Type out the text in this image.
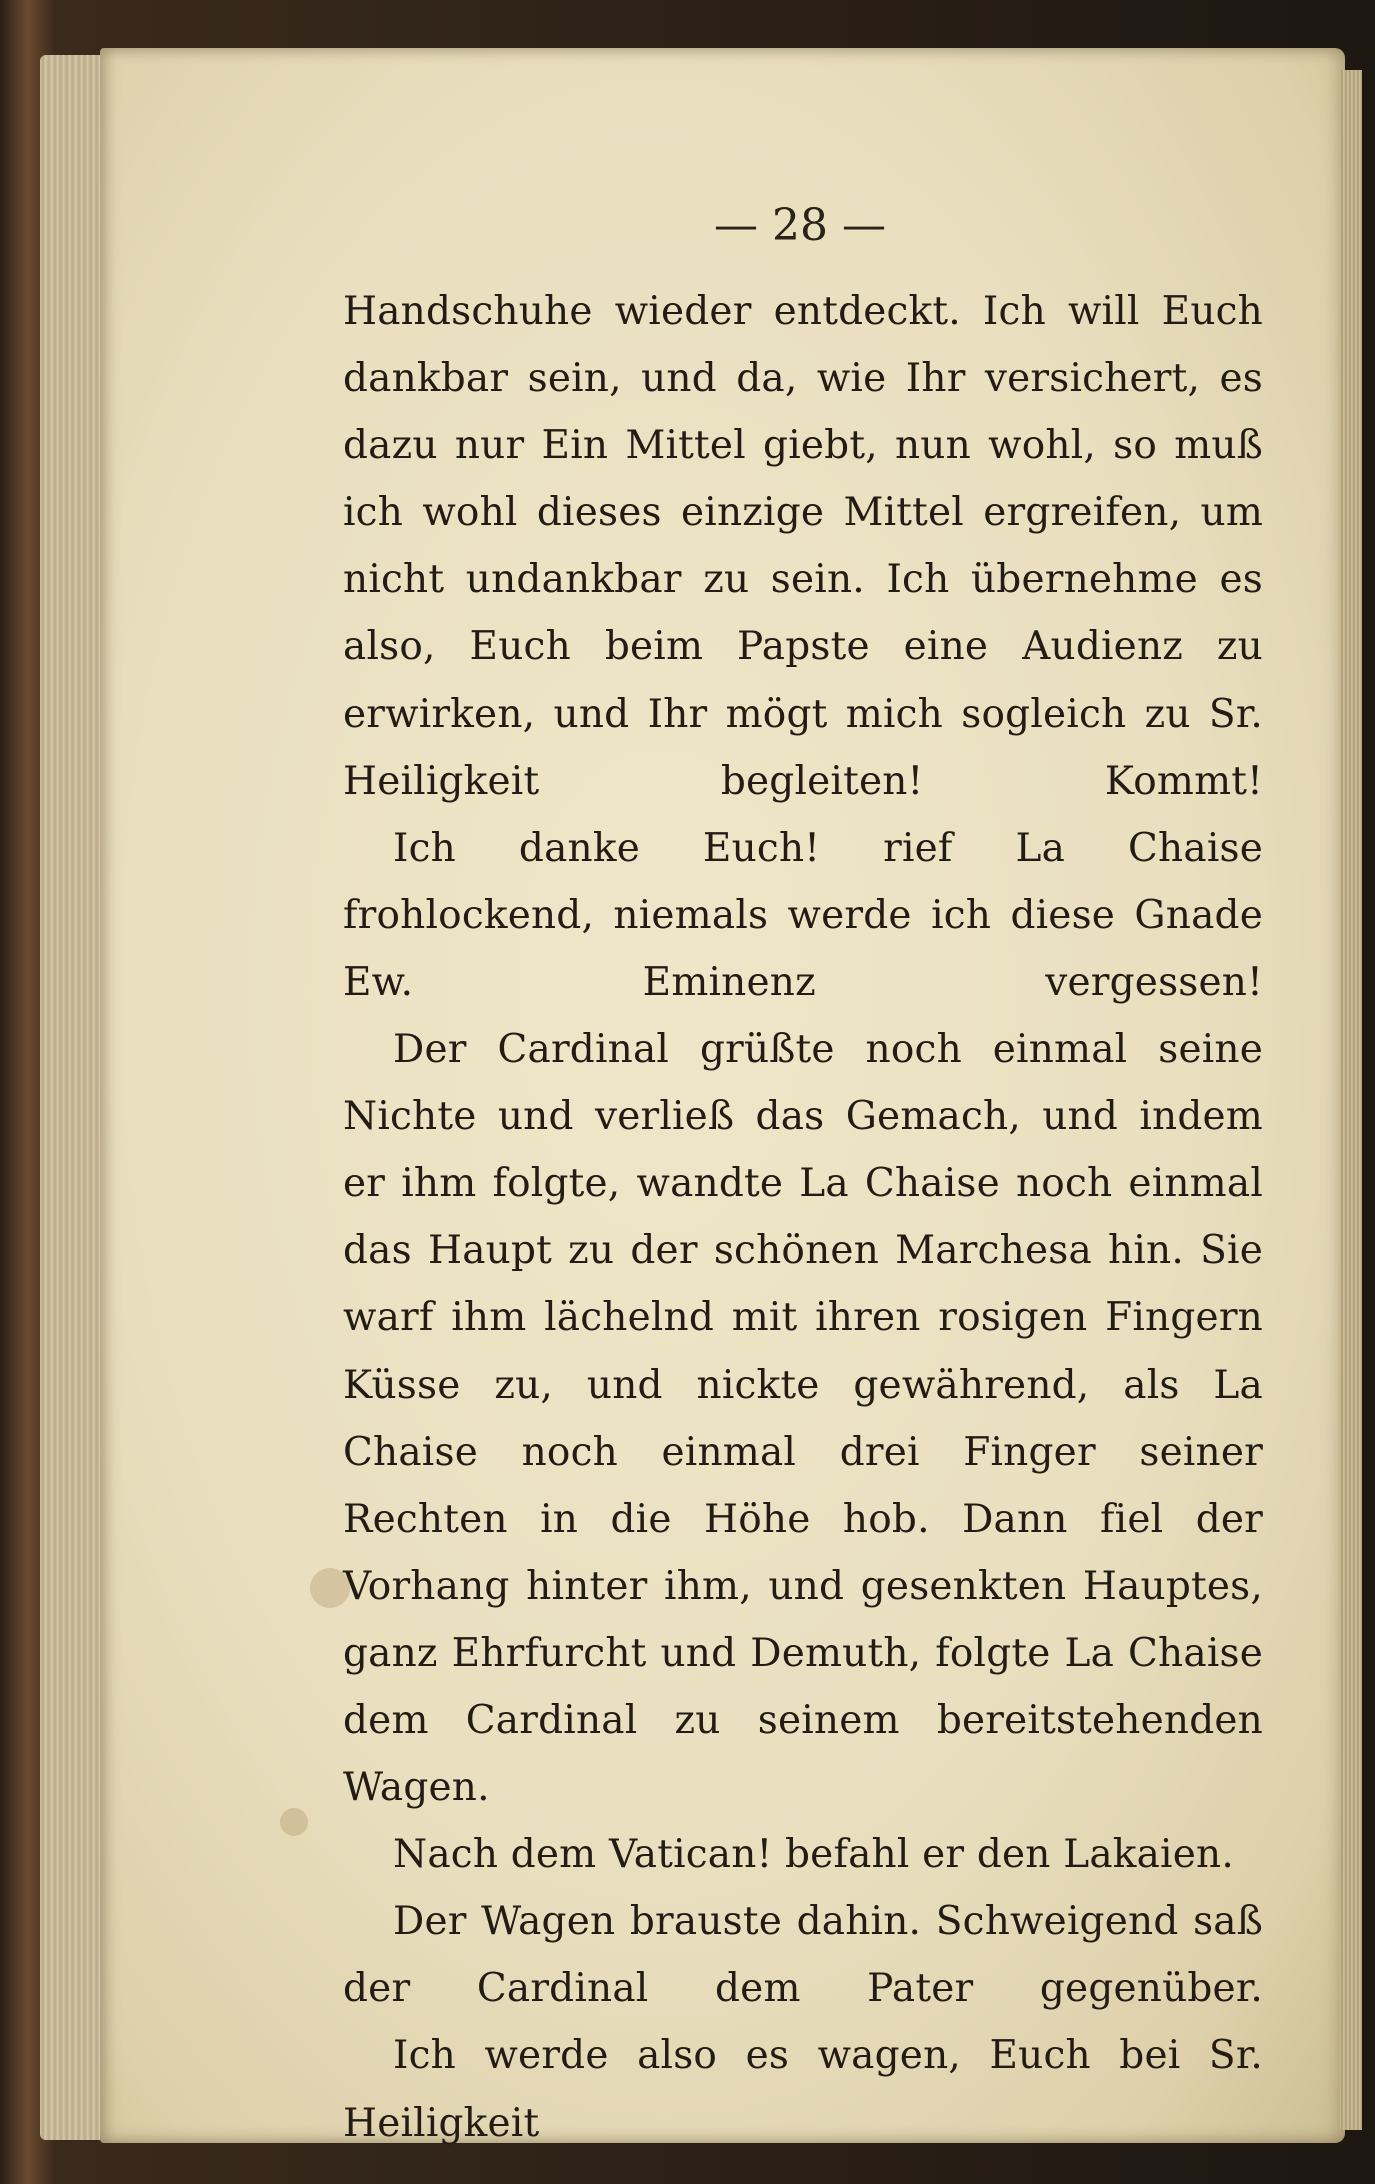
— 28 —

Handschuhe wieder entdeckt. Ich will Euch dankbar sein, und da, wie Ihr versichert, es dazu nur Ein Mittel giebt, nun wohl, so muß ich wohl dieses einzige Mittel ergreifen, um nicht undankbar zu sein. Ich übernehme es also, Euch beim Papste eine Audienz zu erwirken, und Ihr mögt mich sogleich zu Sr. Heiligkeit begleiten! Kommt!

Ich danke Euch! rief La Chaise frohlockend, niemals werde ich diese Gnade Ew. Eminenz vergessen!

Der Cardinal grüßte noch einmal seine Nichte und verließ das Gemach, und indem er ihm folgte, wandte La Chaise noch einmal das Haupt zu der schönen Marchesa hin. Sie warf ihm lächelnd mit ihren rosigen Fingern Küsse zu, und nickte gewährend, als La Chaise noch einmal drei Finger seiner Rechten in die Höhe hob. Dann fiel der Vorhang hinter ihm, und gesenkten Hauptes, ganz Ehrfurcht und Demuth, folgte La Chaise dem Cardinal zu seinem bereitstehenden Wagen.

Nach dem Vatican! befahl er den Lakaien.

Der Wagen brauste dahin. Schweigend saß der Cardinal dem Pater gegenüber.

Ich werde also es wagen, Euch bei Sr. Heiligkeit
